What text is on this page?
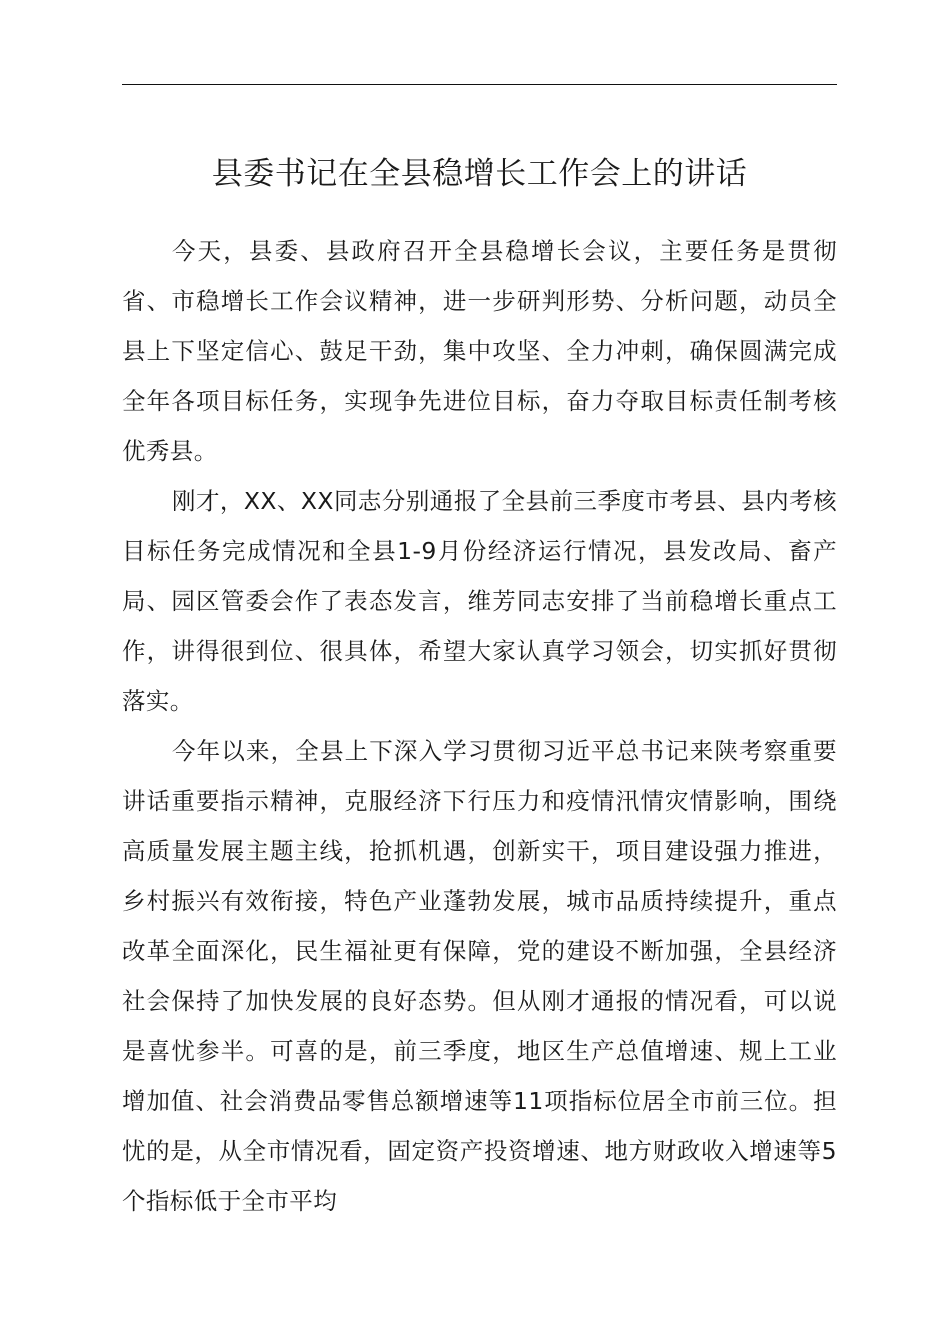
县委书记在全县稳增长工作会上的讲话

今天，县委、县政府召开全县稳增长会议，主要任务是贯彻省、市稳增长工作会议精神，进一步研判形势、分析问题，动员全县上下坚定信心、鼓足干劲，集中攻坚、全力冲刺，确保圆满完成全年各项目标任务，实现争先进位目标，奋力夺取目标责任制考核优秀县。

刚才，XX、XX同志分别通报了全县前三季度市考县、县内考核目标任务完成情况和全县1-9月份经济运行情况，县发改局、畜产局、园区管委会作了表态发言，维芳同志安排了当前稳增长重点工作，讲得很到位、很具体，希望大家认真学习领会，切实抓好贯彻落实。

今年以来，全县上下深入学习贯彻习近平总书记来陕考察重要讲话重要指示精神，克服经济下行压力和疫情汛情灾情影响，围绕高质量发展主题主线，抢抓机遇，创新实干，项目建设强力推进，乡村振兴有效衔接，特色产业蓬勃发展，城市品质持续提升，重点改革全面深化，民生福祉更有保障，党的建设不断加强，全县经济社会保持了加快发展的良好态势。但从刚才通报的情况看，可以说是喜忧参半。可喜的是，前三季度，地区生产总值增速、规上工业增加值、社会消费品零售总额增速等11项指标位居全市前三位。担忧的是，从全市情况看，固定资产投资增速、地方财政收入增速等5个指标低于全市平均
